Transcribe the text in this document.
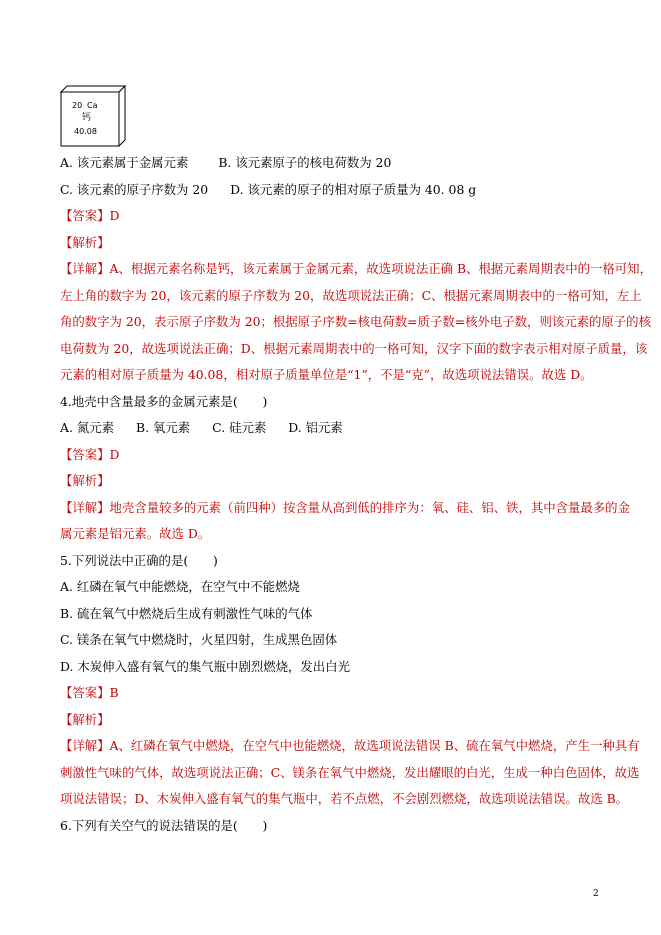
20 Ca
钙
40.08
A. 该元素属于金属元素 B. 该元素原子的核电荷数为 20
C. 该元素的原子序数为 20 D. 该元素的原子的相对原子质量为 40. 08 g
【答案】D
【解析】
【详解】A、根据元素名称是钙，该元素属于金属元素，故选项说法正确 B、根据元素周期表中的一格可知，
左上角的数字为 20，该元素的原子序数为 20，故选项说法正确；C、根据元素周期表中的一格可知，左上
角的数字为 20，表示原子序数为 20；根据原子序数=核电荷数=质子数=核外电子数，则该元素的原子的核
电荷数为 20，故选项说法正确；D、根据元素周期表中的一格可知，汉字下面的数字表示相对原子质量，该
元素的相对原子质量为 40.08，相对原子质量单位是“1”，不是“克”，故选项说法错误。故选 D。
4.地壳中含量最多的金属元素是(　　)
A. 氮元素 B. 氧元素 C. 硅元素 D. 铝元素
【答案】D
【解析】
【详解】地壳含量较多的元素（前四种）按含量从高到低的排序为：氧、硅、铝、铁，其中含量最多的金
属元素是铝元素。故选 D。
5.下列说法中正确的是(　　)
A. 红磷在氧气中能燃烧，在空气中不能燃烧
B. 硫在氧气中燃烧后生成有刺激性气味的气体
C. 镁条在氧气中燃烧时，火星四射，生成黑色固体
D. 木炭伸入盛有氧气的集气瓶中剧烈燃烧，发出白光
【答案】B
【解析】
【详解】A、红磷在氧气中燃烧，在空气中也能燃烧，故选项说法错误 B、硫在氧气中燃烧，产生一种具有
刺激性气味的气体，故选项说法正确；C、镁条在氧气中燃烧，发出耀眼的白光，生成一种白色固体，故选
项说法错误；D、木炭伸入盛有氧气的集气瓶中，若不点燃，不会剧烈燃烧，故选项说法错误。故选 B。
6.下列有关空气的说法错误的是(　　)
2
